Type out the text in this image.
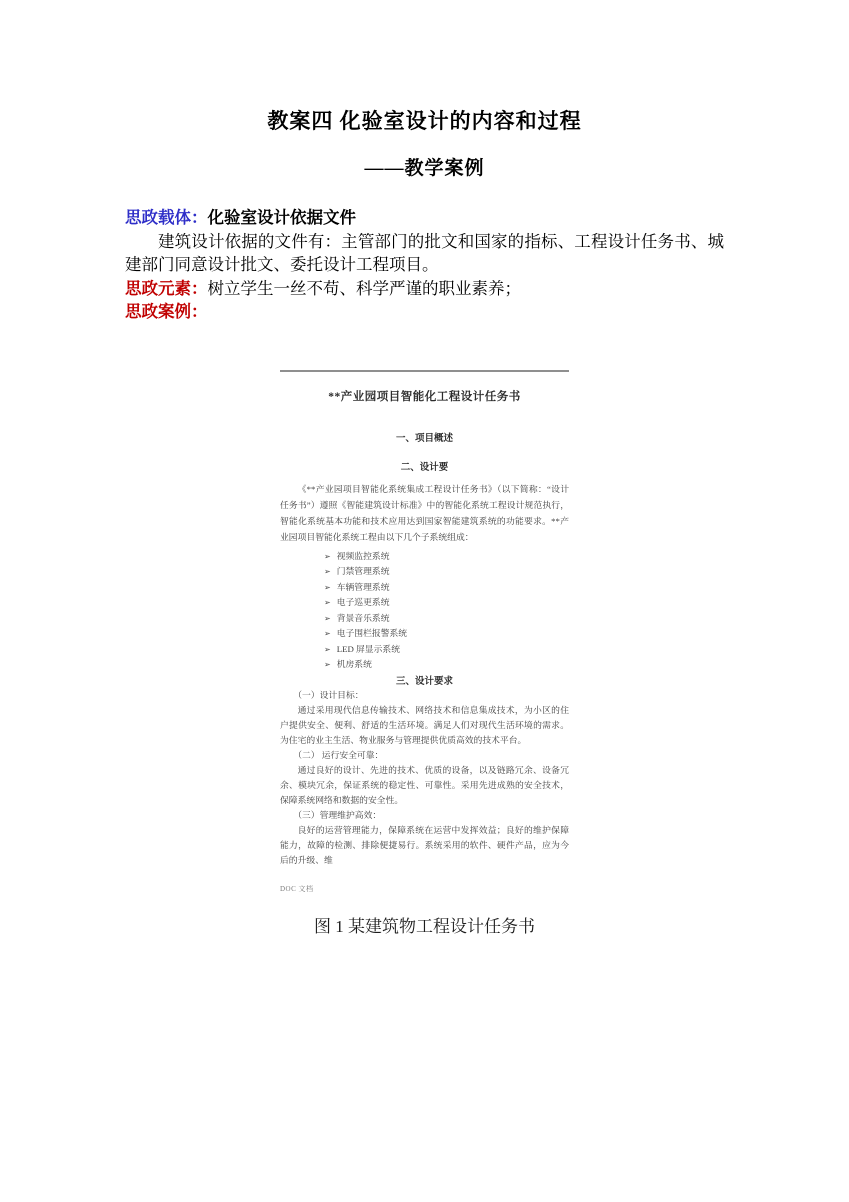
教案四 化验室设计的内容和过程
——教学案例
思政载体：化验室设计依据文件
建筑设计依据的文件有：主管部门的批文和国家的指标、工程设计任务书、城建部门同意设计批文、委托设计工程项目。
思政元素：树立学生一丝不苟、科学严谨的职业素养；
思政案例：
**产业园项目智能化工程设计任务书
一、项目概述
二、设计要
《**产业园项目智能化系统集成工程设计任务书》（以下简称：“设计任务书”）遵照《智能建筑设计标准》中的智能化系统工程设计规范执行，智能化系统基本功能和技术应用达到国家智能建筑系统的功能要求。**产业园项目智能化系统工程由以下几个子系统组成：
➢ 视频监控系统
➢ 门禁管理系统
➢ 车辆管理系统
➢ 电子巡更系统
➢ 背景音乐系统
➢ 电子围栏报警系统
➢ LED 屏显示系统
➢ 机房系统
三、设计要求
（一）设计目标：
通过采用现代信息传输技术、网络技术和信息集成技术，为小区的住户提供安全、便利、舒适的生活环境。满足人们对现代生活环境的需求。为住宅的业主生活、物业服务与管理提供优质高效的技术平台。
（二） 运行安全可靠：
通过良好的设计、先进的技术、优质的设备，以及链路冗余、设备冗余、模块冗余，保证系统的稳定性、可靠性。采用先进成熟的安全技术，保障系统网络和数据的安全性。
（三）管理维护高效：
良好的运营管理能力，保障系统在运营中发挥效益；良好的维护保障能力，故障的检测、排除便捷易行。系统采用的软件、硬件产品，应为今后的升级、维
DOC 文档
图 1 某建筑物工程设计任务书
